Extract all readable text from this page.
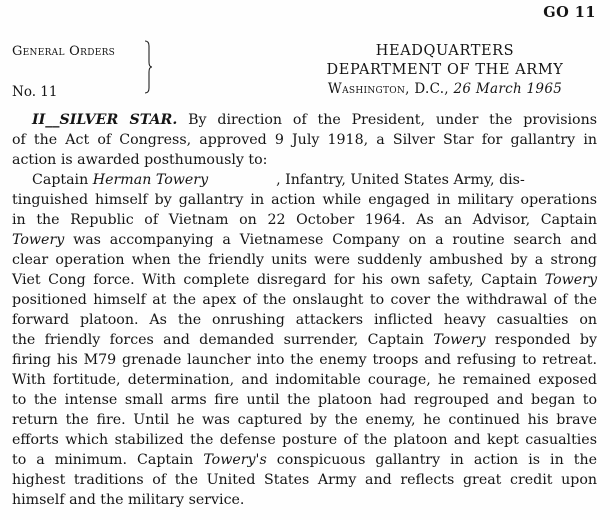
GO 11
General Orders
No. 11
HEADQUARTERS
DEPARTMENT OF THE ARMY
Washington, D.C., 26 March 1965
II__SILVER STAR. By direction of the President, under the provisions
of the Act of Congress, approved 9 July 1918, a Silver Star for gallantry in
action is awarded posthumously to:
Captain Herman Towery	, Infantry, United States Army, dis-
tinguished himself by gallantry in action while engaged in military operations
in the Republic of Vietnam on 22 October 1964. As an Advisor, Captain
Towery was accompanying a Vietnamese Company on a routine search and
clear operation when the friendly units were suddenly ambushed by a strong
Viet Cong force. With complete disregard for his own safety, Captain Towery
positioned himself at the apex of the onslaught to cover the withdrawal of the
forward platoon. As the onrushing attackers inflicted heavy casualties on
the friendly forces and demanded surrender, Captain Towery responded by
firing his M79 grenade launcher into the enemy troops and refusing to retreat.
With fortitude, determination, and indomitable courage, he remained exposed
to the intense small arms fire until the platoon had regrouped and began to
return the fire. Until he was captured by the enemy, he continued his brave
efforts which stabilized the defense posture of the platoon and kept casualties
to a minimum. Captain Towery's conspicuous gallantry in action is in the
highest traditions of the United States Army and reflects great credit upon
himself and the military service.
